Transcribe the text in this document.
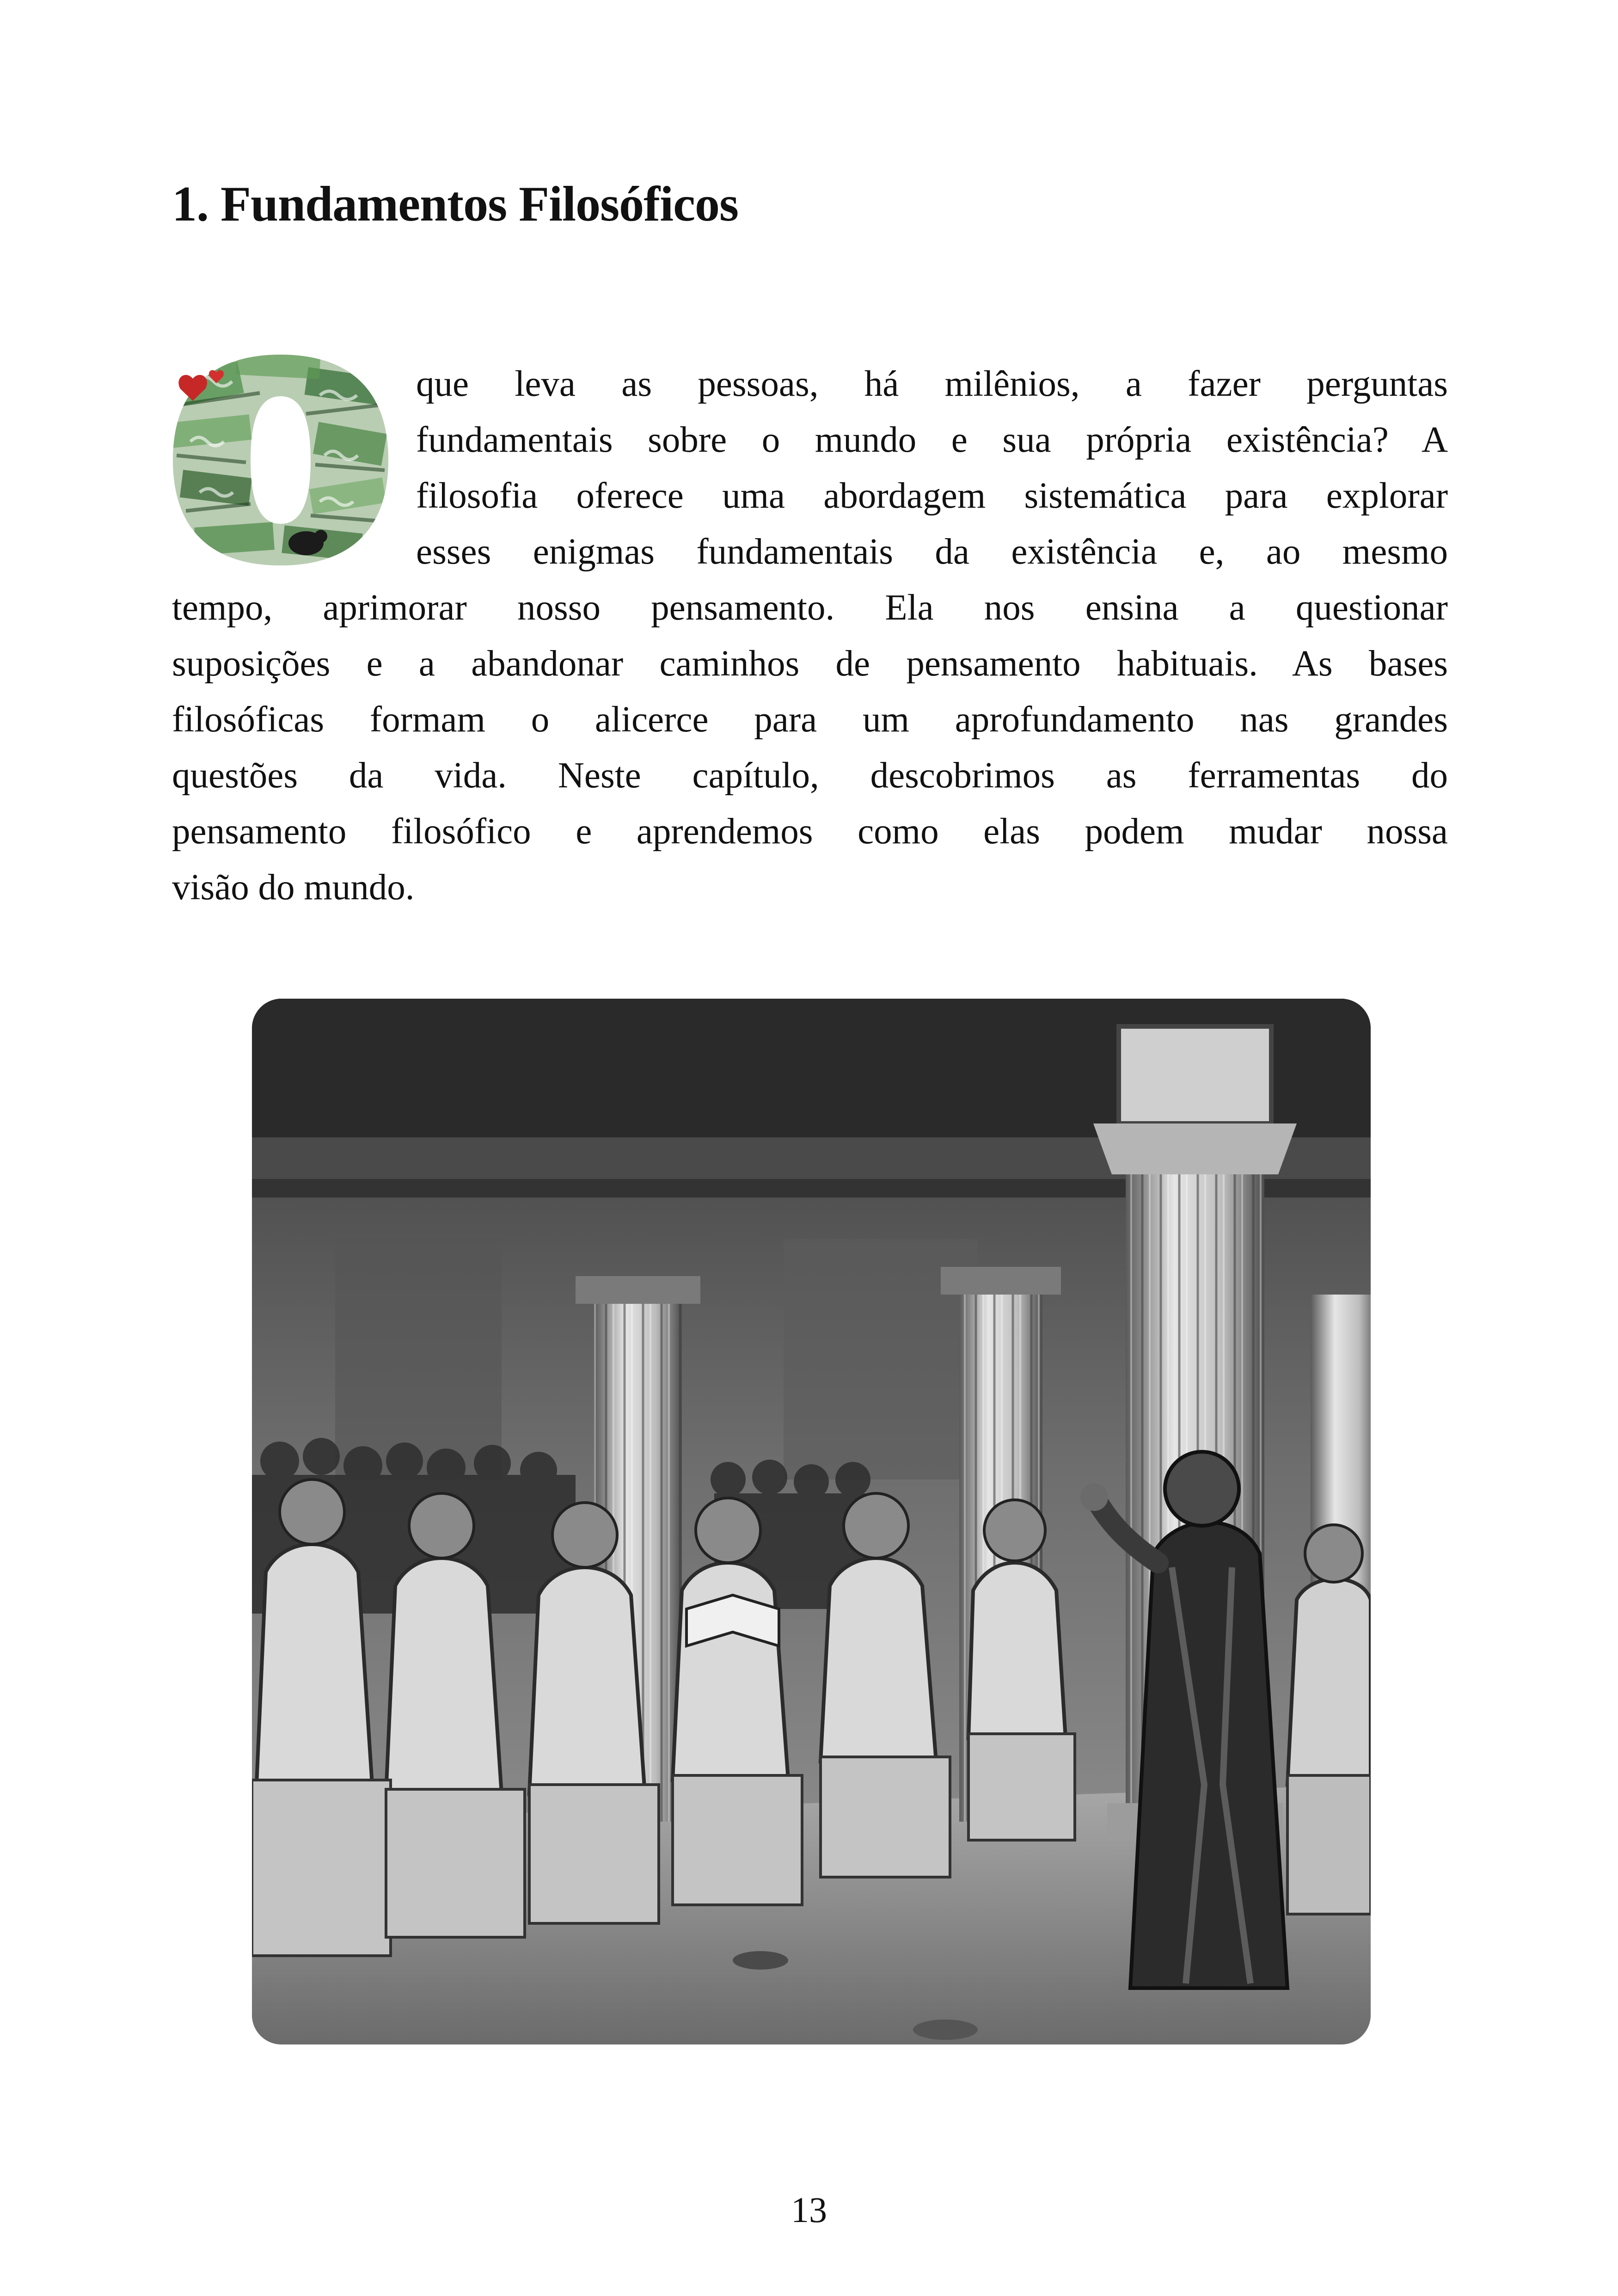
1. Fundamentos Filosóficos
que leva as pessoas, há milênios, a fazer perguntas
fundamentais sobre o mundo e sua própria existência? A
filosofia oferece uma abordagem sistemática para explorar
esses enigmas fundamentais da existência e, ao mesmo
tempo, aprimorar nosso pensamento. Ela nos ensina a questionar
suposições e a abandonar caminhos de pensamento habituais. As bases
filosóficas formam o alicerce para um aprofundamento nas grandes
questões da vida. Neste capítulo, descobrimos as ferramentas do
pensamento filosófico e aprendemos como elas podem mudar nossa
visão do mundo.
13
